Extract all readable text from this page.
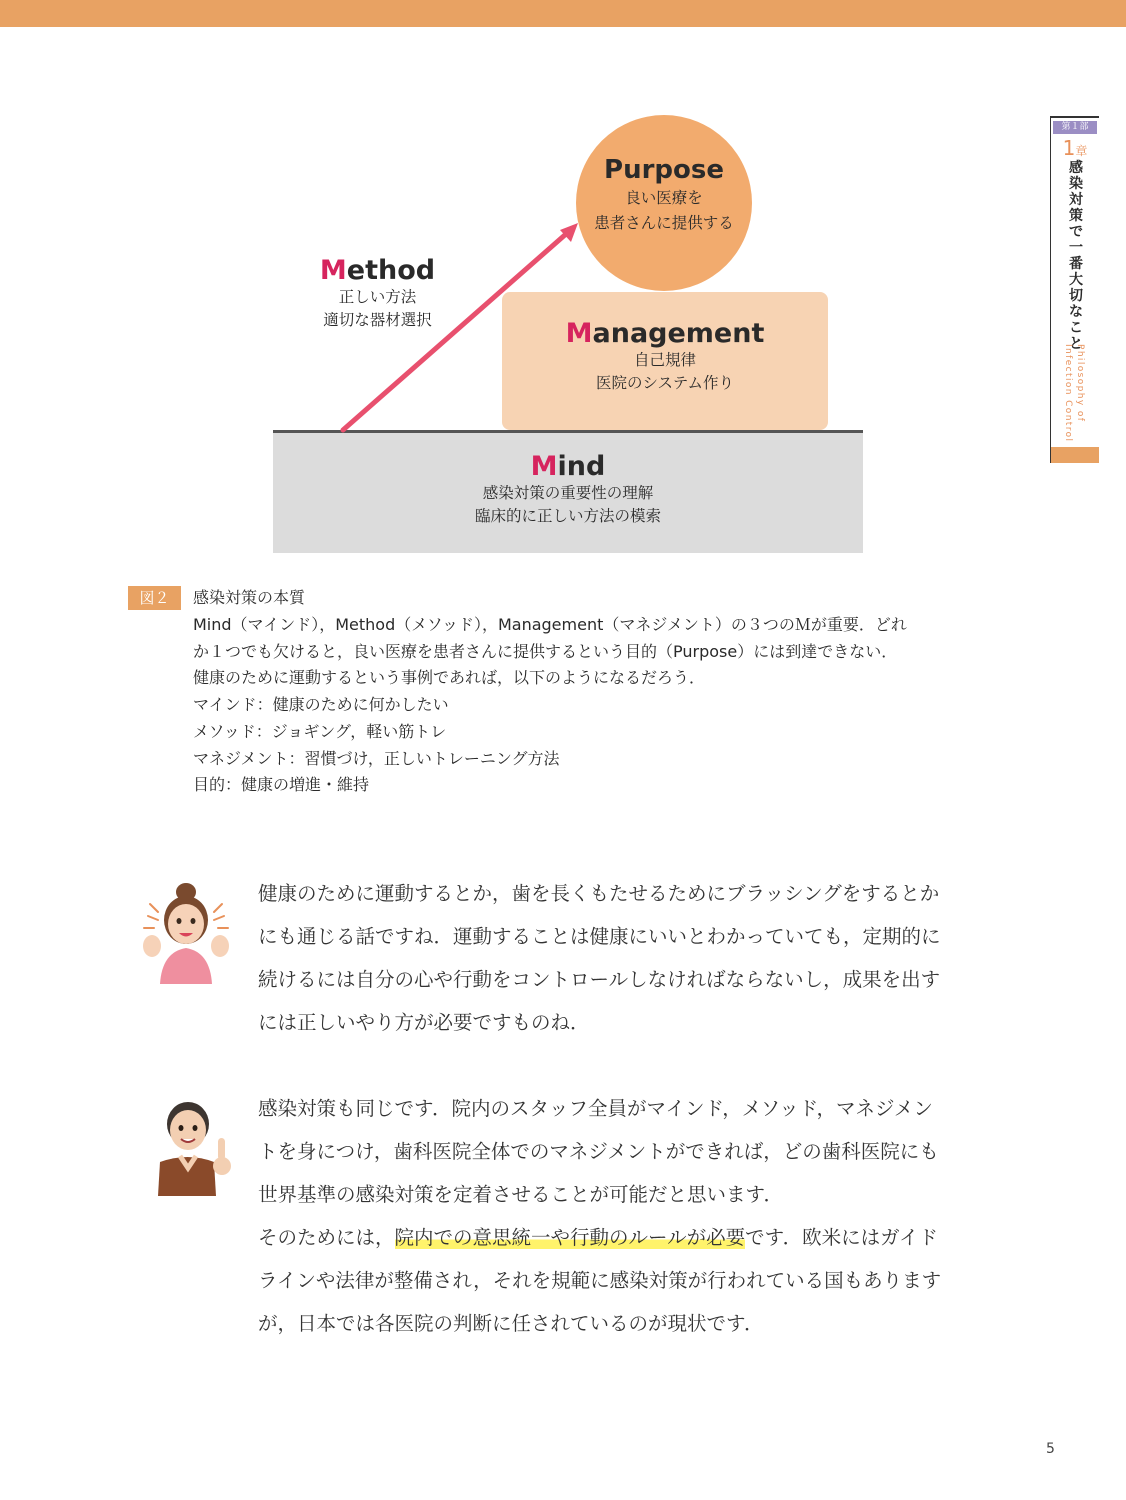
第１部
1章
感染対策で一番大切なこと
Philosophy of
Infection Control
Mind
感染対策の重要性の理解
臨床的に正しい方法の模索
Management
自己規律
医院のシステム作り
Purpose
良い医療を
患者さんに提供する
Method
正しい方法
適切な器材選択
図２	感染対策の本質
Mind（マインド），Method（メソッド），Management（マネジメント）の３つのＭが重要．どれ
か１つでも欠けると，良い医療を患者さんに提供するという目的（Purpose）には到達できない．
健康のために運動するという事例であれば，以下のようになるだろう．
マインド：健康のために何かしたい
メソッド：ジョギング，軽い筋トレ
マネジメント：習慣づけ，正しいトレーニング方法
目的：健康の増進・維持
健康のために運動するとか，歯を長くもたせるためにブラッシングをするとか
にも通じる話ですね．運動することは健康にいいとわかっていても，定期的に
続けるには自分の心や行動をコントロールしなければならないし，成果を出す
には正しいやり方が必要ですものね．
感染対策も同じです．院内のスタッフ全員がマインド，メソッド，マネジメン
トを身につけ，歯科医院全体でのマネジメントができれば，どの歯科医院にも
世界基準の感染対策を定着させることが可能だと思います．
そのためには，院内での意思統一や行動のルールが必要です．欧米にはガイド
ラインや法律が整備され，それを規範に感染対策が行われている国もあります
が，日本では各医院の判断に任されているのが現状です．
5
